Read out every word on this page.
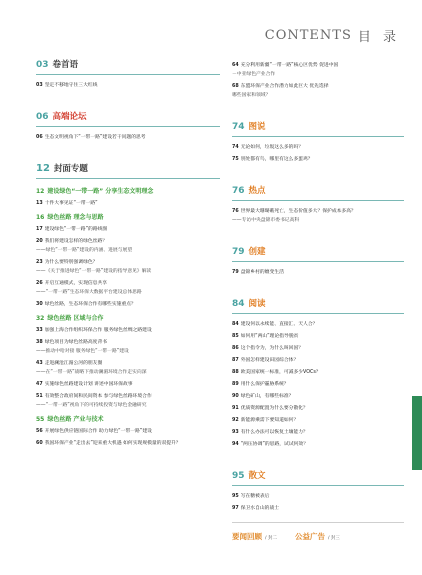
CONTENTS 目 录
03 卷首语
03 坚定不移地守住三大红线
06 高端论坛
06 生态文明视角下“一带一路”建设若干问题的思考
12 封面专题
12 建设绿色“一带一路” 分享生态文明理念
13 十件大事见证“一带一路”
16 绿色丝路 理念与思路
17 建设绿色“一带一路”的路线图
20 我们将建设怎样的绿色丝路？
——绿色“一带一路”建设的内涵、进展与展望
23 为什么要特别强调绿色？
——《关于推进绿色“一带一路”建设的指导意见》解读
26 开启互通模式，实现信息共享
——“一带一路”生态环保大数据平台建设总体思路
30 绿色丝路，生态环保合作有哪些实施重点？
32 绿色丝路 区域与合作
33 加强上海合作组织环保合作 服务绿色丝绸之路建设
38 绿色项目为绿色丝路高度背书
——推动中哈对接 服务绿色“一带一路”建设
43 走进澜沧江湄公河的朋友圈
——在“一带一路”战略下推动澜湄环境合作走实向深
47 实施绿色丝路建设计划 讲述中国环保故事
51 有效整合政府间和民间资本 参与绿色丝路环境合作
——“一带一路”视角下的可持续投资与绿色金融研究
55 绿色丝路 产业与技术
56 开展绿色供应链国际合作 助力绿色“一带一路”建设
60 我国环保产业“走出去”迎来重大机遇 如何实现规模量的双提升？
64 充分利用新疆“一带一路”核心区优势 促进中国
－中亚绿色产业合作
68 东盟环保产业合作潜力如此巨大 优先选择
哪些国家和领域？
74 图说
74 无论如何，垃圾这么多的吗？
75 别处都有鸟，哪里有这么多蛋鸡？
76 热点
76 世界最大珊瑚礁死亡，生态价值多大？保护成本多高？
——专访中央盘锦市委书记高科
79 创建
79 盘锦乡村的嬗变生活
84 阅读
84 建设何以永续能、直接汇、天人合？
85 如何用“两山”理论指导脱贫
86 这个指令为，为什么叫回国？
87 外国怎样建设田园综合体？
88 欧美国家统一标准，可减多少VOCs？
89 用什么保护霾胁系统？
90 绿色矿山，有哪些标准？
91 优质资源配置为什么要分散化？
92 新能源乘需下要知道如何？
93 有什么办法可以恢复土壤能力？
94 “两压协调”的思路，试试何效？
95 散文
95 写在糖被表后
97 保卫水自山的战士
要闻回顾 / 封二 公益广告 / 封三
